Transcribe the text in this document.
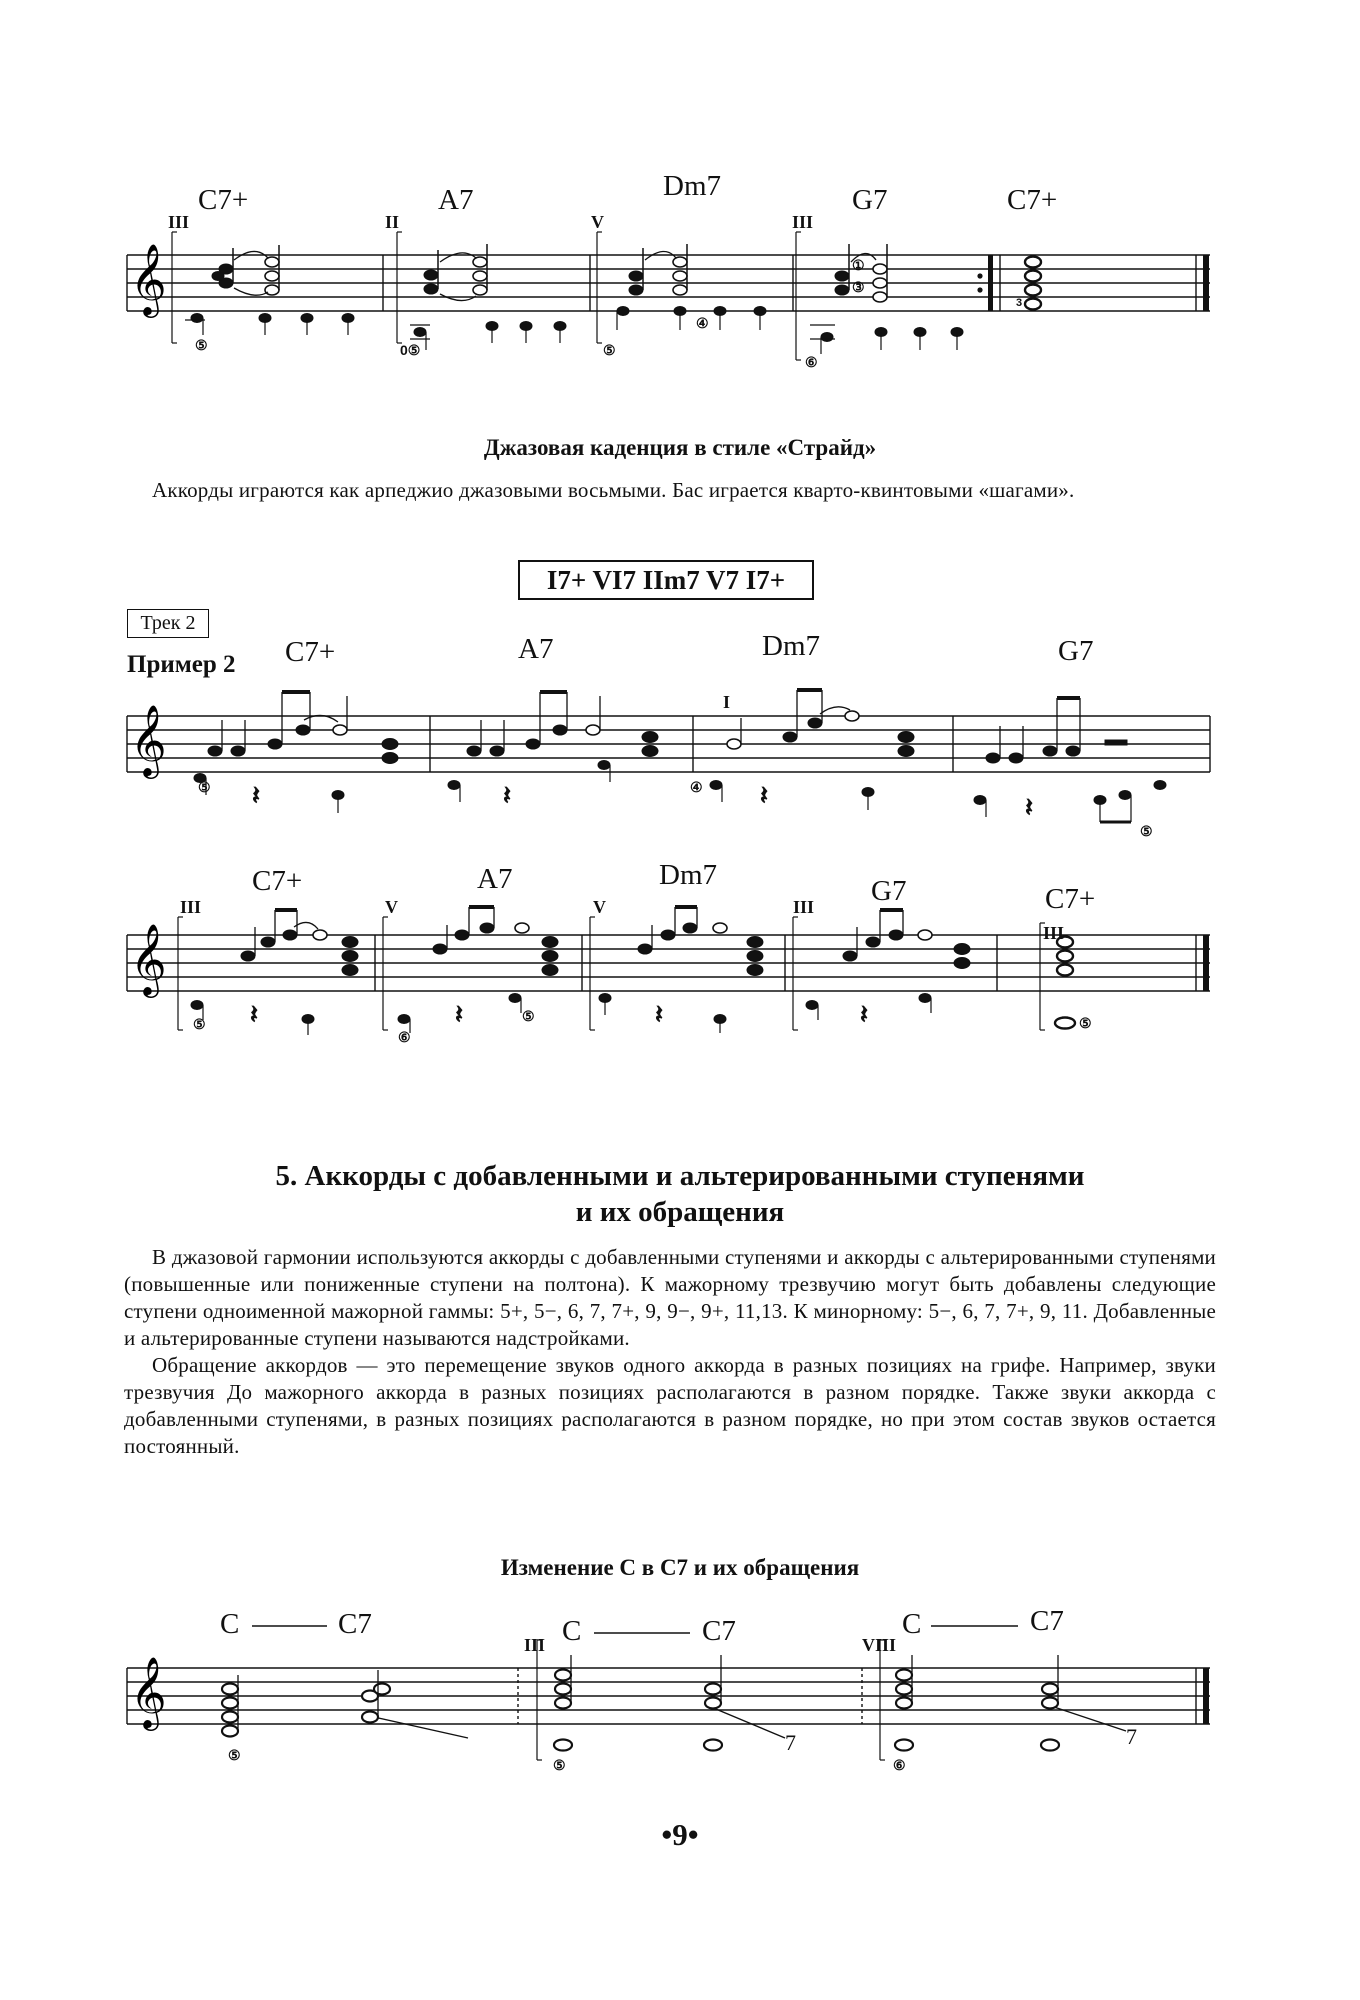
𝄞
⑤	0⑤	⑤
⑥
④
①
③
3
C7+	A7	Dm7	G7	C7+
III	II	V	III
Джазовая каденция в стиле «Страйд»

Аккорды играются как арпеджио джазовыми восьмыми. Бас играется кварто-квинтовыми «шагами».

I7+ VI7 IIm7 V7 I7+
Трек 2
Пример 2
𝄞
𝄽	𝄽	𝄽	𝄽
⑤	④
⑤
C7+	A7	Dm7	G7
I
𝄞
𝄽	𝄽	𝄽	𝄽
⑤
⑥
⑤	⑤
C7+	A7	Dm7	G7	C7+
III	V	V	III
III
5. Аккорды с добавленными и альтерированными ступенями
и их обращения

В джазовой гармонии используются аккорды с добавленными ступенями и аккорды с альтерированными ступенями (повышенные или пониженные ступени на полтона). К мажорному трезвучию могут быть добавлены следующие ступени одноименной мажорной гаммы: 5+, 5−, 6, 7, 7+, 9, 9−, 9+, 11,13. К минорному: 5−, 6, 7, 7+, 9, 11. Добавленные и альтерированные ступени называются надстройками.

Обращение аккордов — это перемещение звуков одного аккорда в разных позициях на грифе. Например, звуки трезвучия До мажорного аккорда в разных позициях располагаются в разном порядке. Также звуки аккорда с добавленными ступенями, в разных позициях располагаются в разном порядке, но при этом состав звуков остается постоянный.

Изменение C в C7 и их обращения
𝄞
⑤
⑤	⑥
C	C7	C	C7	C	C7
III	VIII
7	7
•9•
